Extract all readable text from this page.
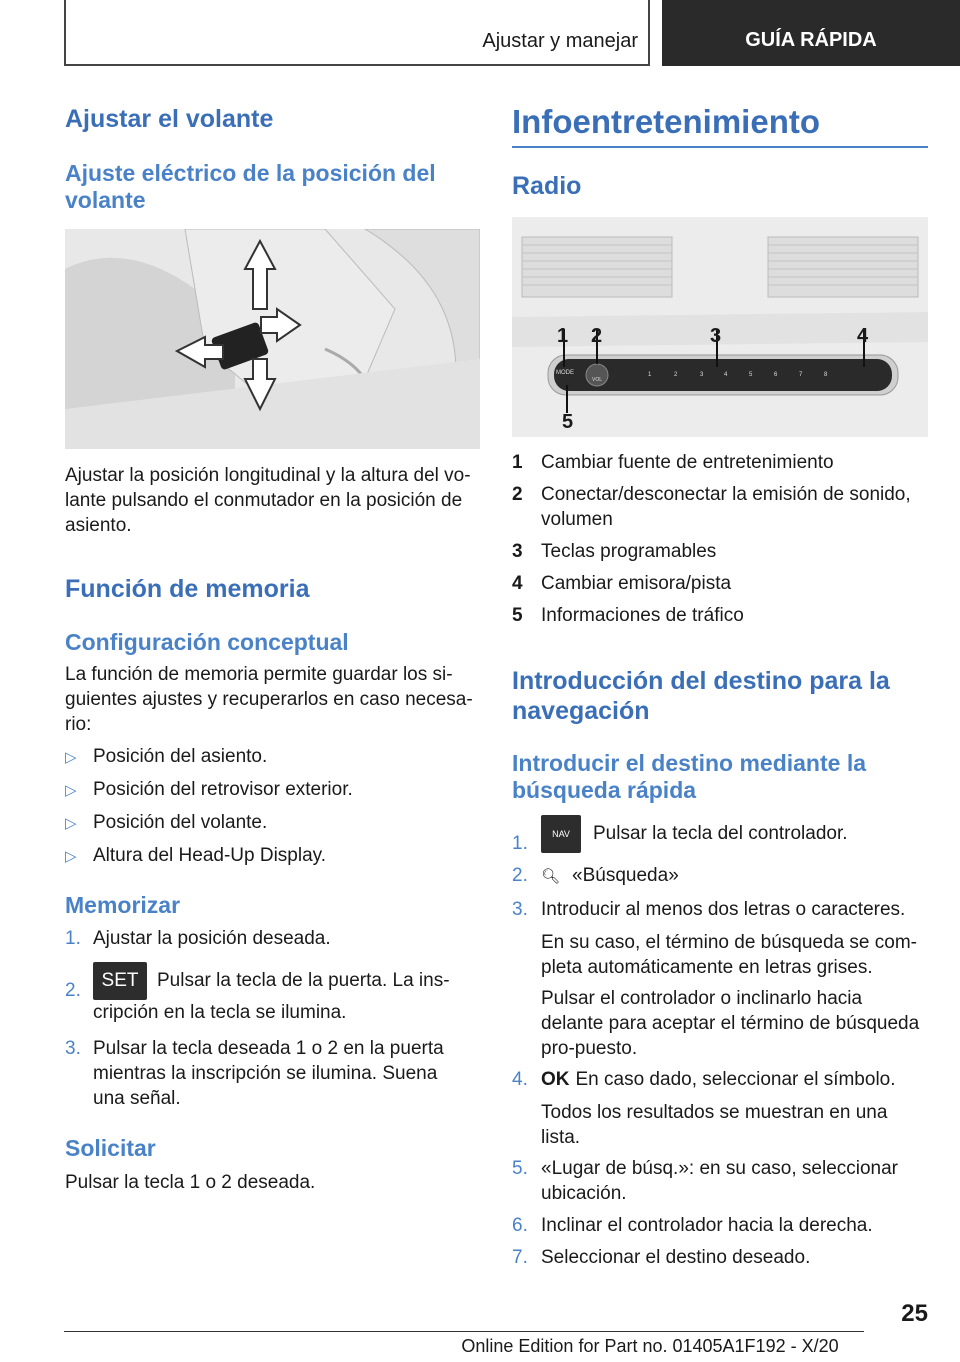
Ajustar y manejar	GUÍA RÁPIDA
Ajustar el volante
Ajuste eléctrico de la posición del volante
Ajustar la posición longitudinal y la altura del vo-lante pulsando el conmutador en la posición de asiento.
Función de memoria
Configuración conceptual
La función de memoria permite guardar los si-guientes ajustes y recuperarlos en caso necesa-rio:
▷ Posición del asiento.
▷ Posición del retrovisor exterior.
▷ Posición del volante.
▷ Altura del Head-Up Display.
Memorizar
1. Ajustar la posición deseada.
2.	SET Pulsar la tecla de la puerta. La ins-cripción en la tecla se ilumina.
3. Pulsar la tecla deseada 1 o 2 en la puerta mientras la inscripción se ilumina. Suena una señal.
Solicitar
Pulsar la tecla 1 o 2 deseada.
Infoentretenimiento
Radio
1 2	3	4
5
MODE
VOL
1	2	3	4	5	6	7	8
1 Cambiar fuente de entretenimiento
2 Conectar/desconectar la emisión de sonido, volumen
3 Teclas programables
4 Cambiar emisora/pista
5 Informaciones de tráfico
Introducción del destino para la navegación
Introducir el destino mediante la búsqueda rápida
1.	NAV Pulsar la tecla del controlador.
2. 🔍︎ «Búsqueda»
3. Introducir al menos dos letras o caracteres.
En su caso, el término de búsqueda se com-pleta automáticamente en letras grises.
Pulsar el controlador o inclinarlo hacia delante para aceptar el término de búsqueda pro-puesto.
4. OK En caso dado, seleccionar el símbolo.
Todos los resultados se muestran en una lista.
5. «Lugar de búsq.»: en su caso, seleccionar ubicación.
6. Inclinar el controlador hacia la derecha.
7. Seleccionar el destino deseado.
25
Online Edition for Part no. 01405A1F192 - X/20
